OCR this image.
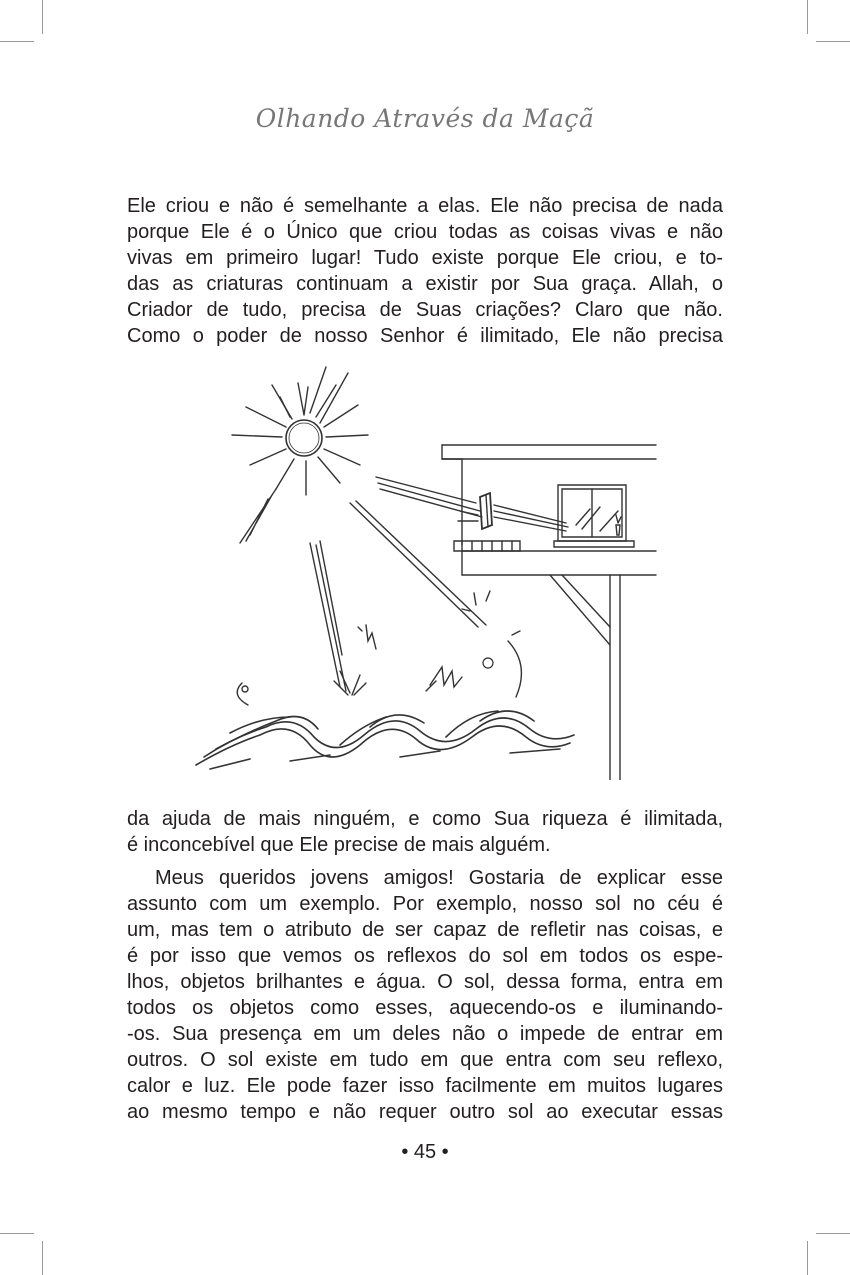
Olhando Através da Maçã
Ele criou e não é semelhante a elas. Ele não precisa de nada
porque Ele é o Único que criou todas as coisas vivas e não
vivas em primeiro lugar! Tudo existe porque Ele criou, e to-
das as criaturas continuam a existir por Sua graça. Allah, o
Criador de tudo, precisa de Suas criações? Claro que não.
Como o poder de nosso Senhor é ilimitado, Ele não precisa
da ajuda de mais ninguém, e como Sua riqueza é ilimitada,
é inconcebível que Ele precise de mais alguém.
Meus queridos jovens amigos! Gostaria de explicar esse
assunto com um exemplo. Por exemplo, nosso sol no céu é
um, mas tem o atributo de ser capaz de refletir nas coisas, e
é por isso que vemos os reflexos do sol em todos os espe-
lhos, objetos brilhantes e água. O sol, dessa forma, entra em
todos os objetos como esses, aquecendo-os e iluminando-
-os. Sua presença em um deles não o impede de entrar em
outros. O sol existe em tudo em que entra com seu reflexo,
calor e luz. Ele pode fazer isso facilmente em muitos lugares
ao mesmo tempo e não requer outro sol ao executar essas
• 45 •
